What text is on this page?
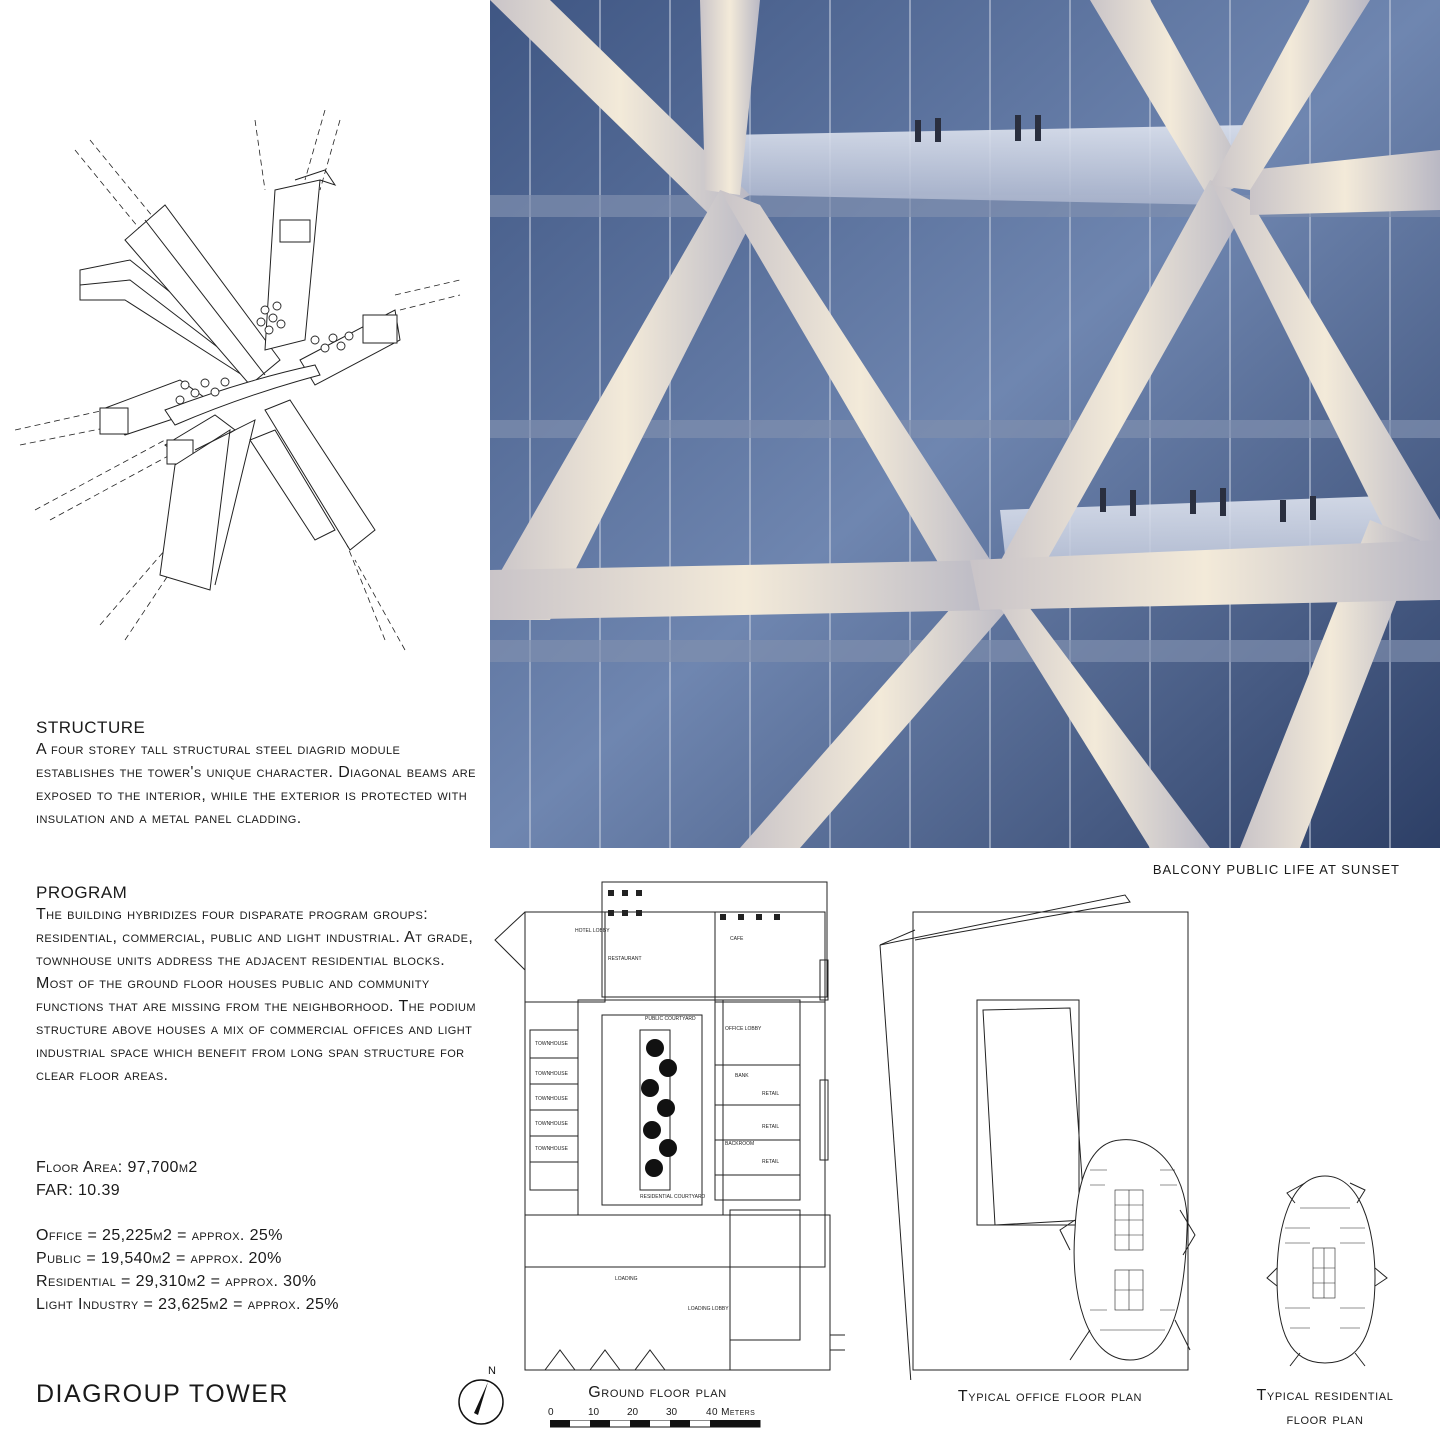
STRUCTURE
A four storey tall structural steel diagrid module establishes the tower's unique character. Diagonal beams are exposed to the interior, while the exterior is protected with insulation and a metal panel cladding.
PROGRAM
The building hybridizes four disparate program groups: residential, commercial, public and light industrial. At grade, townhouse units address the adjacent residential blocks. Most of the ground floor houses public and community functions that are missing from the neighborhood. The podium structure above houses a mix of commercial offices and light industrial space which benefit from long span structure for clear floor areas.
Floor Area: 97,700m2
FAR: 10.39
Office = 25,225m2 = approx. 25%
Public = 19,540m2 = approx. 20%
Residential = 29,310m2 = approx. 30%
Light Industry = 23,625m2 = approx. 25%
DIAGROUP TOWER
BALCONY PUBLIC LIFE AT SUNSET
HOTEL LOBBY
RESTAURANT
CAFE
PUBLIC COURTYARD
OFFICE LOBBY
TOWNHOUSE
TOWNHOUSE
TOWNHOUSE
TOWNHOUSE
TOWNHOUSE
BANK
RETAIL
RETAIL
BACKROOM
RETAIL
RESIDENTIAL COURTYARD
LOADING
LOADING LOBBY
N
Ground floor plan
0	10	20	30	40 Meters
Typical office floor plan	Typical residential floor plan
